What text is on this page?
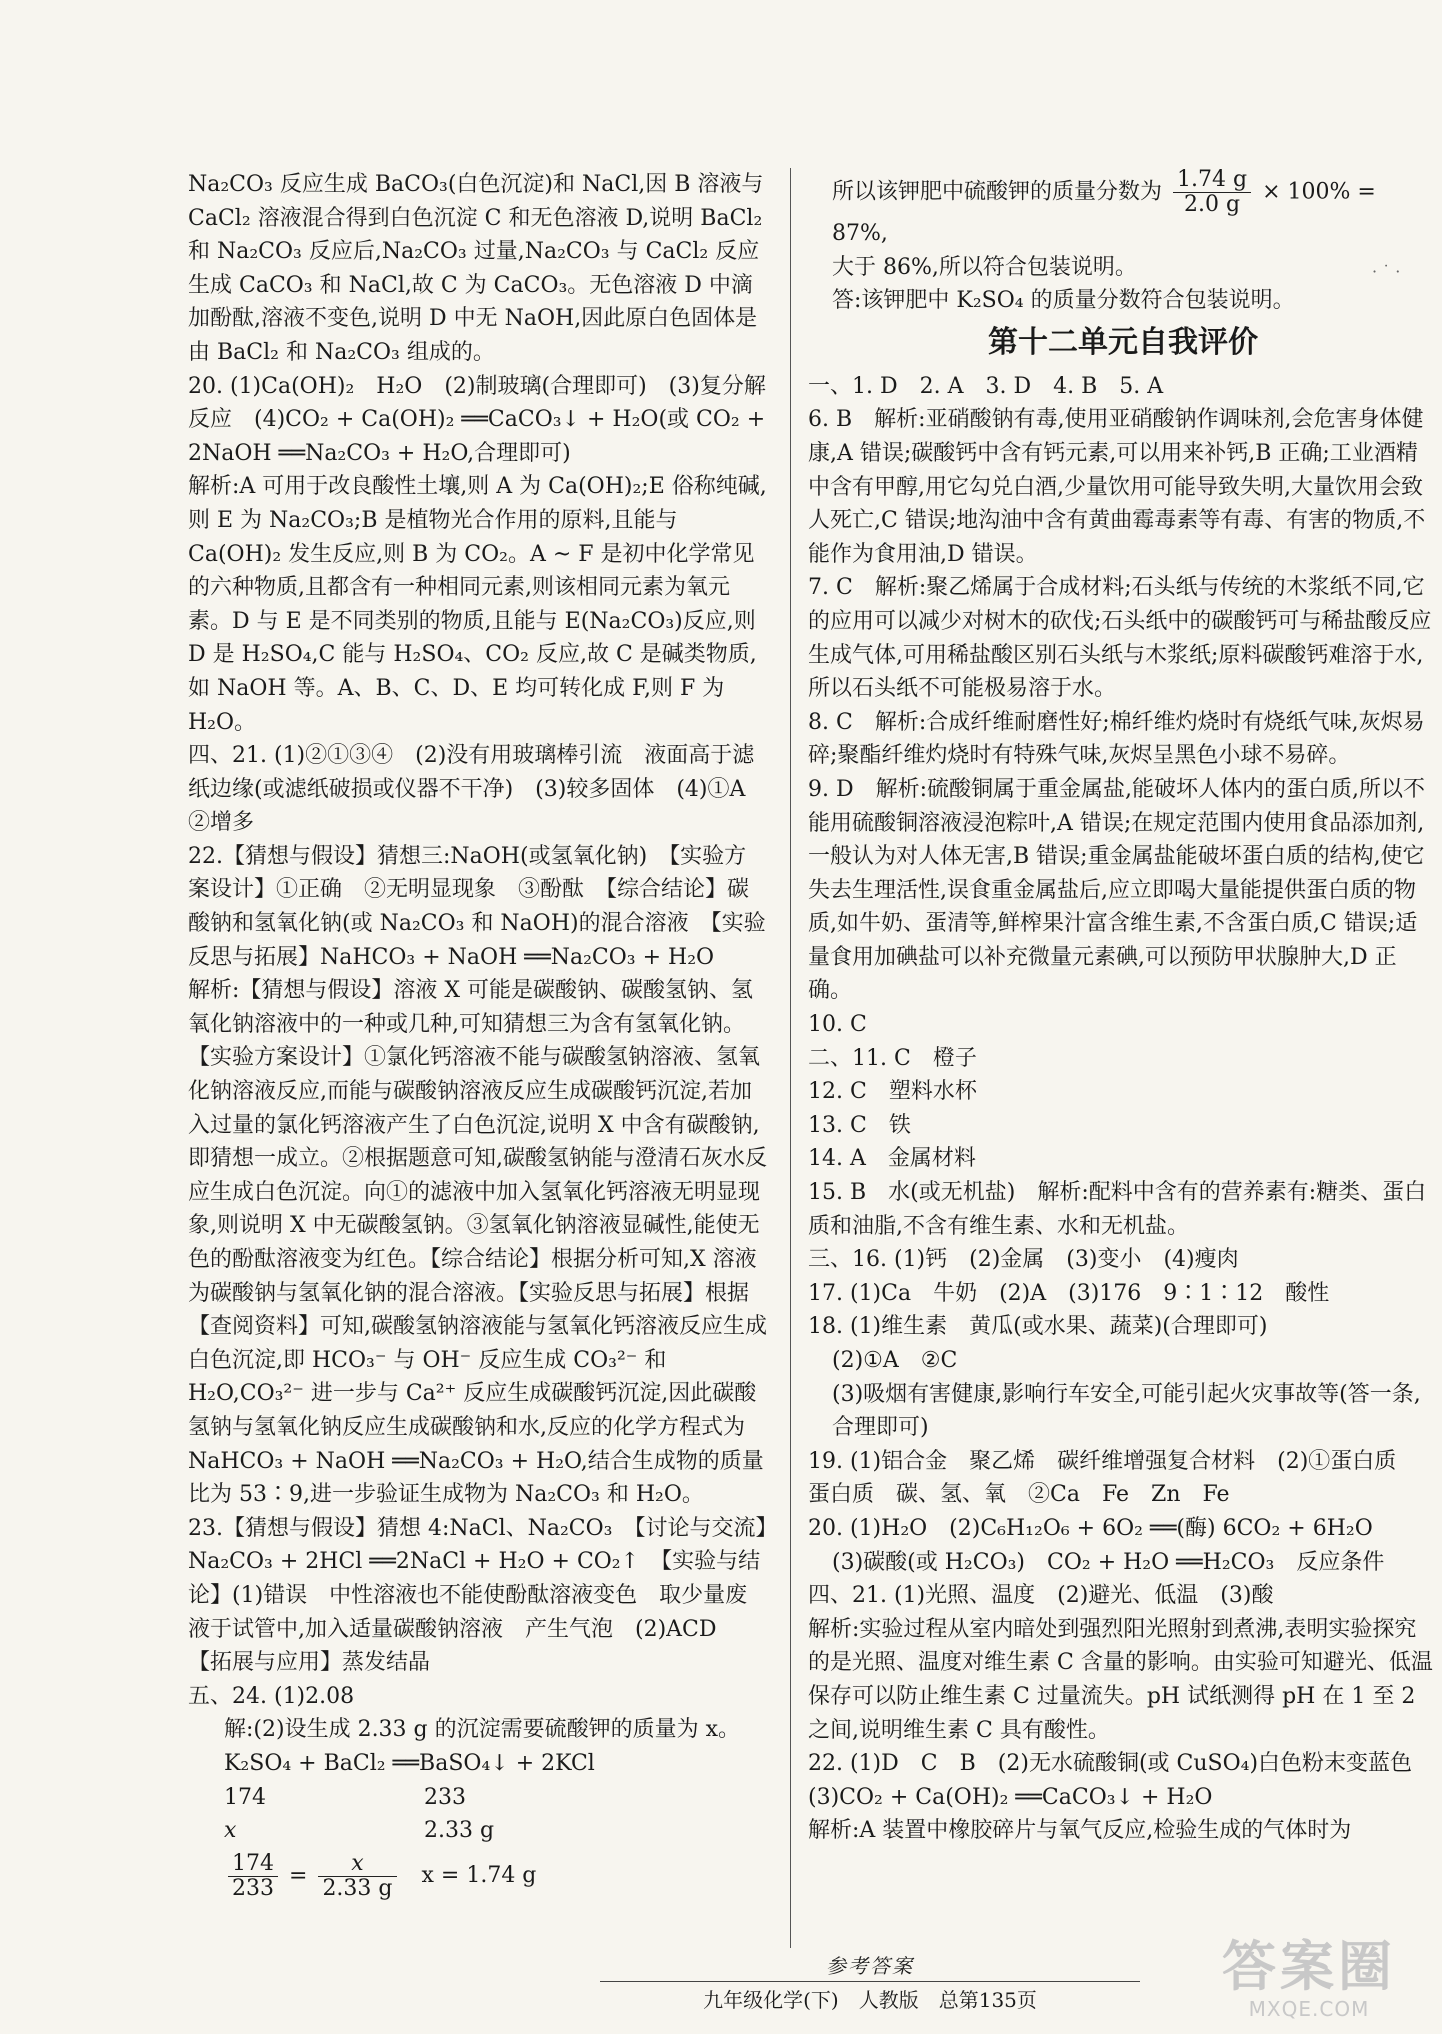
Na₂CO₃ 反应生成 BaCO₃(白色沉淀)和 NaCl,因 B 溶液与 CaCl₂ 溶液混合得到白色沉淀 C 和无色溶液 D,说明 BaCl₂ 和 Na₂CO₃ 反应后,Na₂CO₃ 过量,Na₂CO₃ 与 CaCl₂ 反应生成 CaCO₃ 和 NaCl,故 C 为 CaCO₃。无色溶液 D 中滴加酚酞,溶液不变色,说明 D 中无 NaOH,因此原白色固体是由 BaCl₂ 和 Na₂CO₃ 组成的。

20. (1)Ca(OH)₂　H₂O　(2)制玻璃(合理即可)　(3)复分解反应　(4)CO₂ + Ca(OH)₂ ══CaCO₃↓ + H₂O(或 CO₂ + 2NaOH ══Na₂CO₃ + H₂O,合理即可)

解析:A 可用于改良酸性土壤,则 A 为 Ca(OH)₂;E 俗称纯碱,则 E 为 Na₂CO₃;B 是植物光合作用的原料,且能与 Ca(OH)₂ 发生反应,则 B 为 CO₂。A ~ F 是初中化学常见的六种物质,且都含有一种相同元素,则该相同元素为氧元素。D 与 E 是不同类别的物质,且能与 E(Na₂CO₃)反应,则 D 是 H₂SO₄,C 能与 H₂SO₄、CO₂ 反应,故 C 是碱类物质,如 NaOH 等。A、B、C、D、E 均可转化成 F,则 F 为 H₂O。

四、21. (1)②①③④　(2)没有用玻璃棒引流　液面高于滤纸边缘(或滤纸破损或仪器不干净)　(3)较多固体　(4)①A　②增多

22.【猜想与假设】猜想三:NaOH(或氢氧化钠)　【实验方案设计】①正确　②无明显现象　③酚酞　【综合结论】碳酸钠和氢氧化钠(或 Na₂CO₃ 和 NaOH)的混合溶液　【实验反思与拓展】NaHCO₃ + NaOH ══Na₂CO₃ + H₂O

解析:【猜想与假设】溶液 X 可能是碳酸钠、碳酸氢钠、氢氧化钠溶液中的一种或几种,可知猜想三为含有氢氧化钠。【实验方案设计】①氯化钙溶液不能与碳酸氢钠溶液、氢氧化钠溶液反应,而能与碳酸钠溶液反应生成碳酸钙沉淀,若加入过量的氯化钙溶液产生了白色沉淀,说明 X 中含有碳酸钠,即猜想一成立。②根据题意可知,碳酸氢钠能与澄清石灰水反应生成白色沉淀。向①的滤液中加入氢氧化钙溶液无明显现象,则说明 X 中无碳酸氢钠。③氢氧化钠溶液显碱性,能使无色的酚酞溶液变为红色。【综合结论】根据分析可知,X 溶液为碳酸钠与氢氧化钠的混合溶液。【实验反思与拓展】根据【查阅资料】可知,碳酸氢钠溶液能与氢氧化钙溶液反应生成白色沉淀,即 HCO₃⁻ 与 OH⁻ 反应生成 CO₃²⁻ 和 H₂O,CO₃²⁻ 进一步与 Ca²⁺ 反应生成碳酸钙沉淀,因此碳酸氢钠与氢氧化钠反应生成碳酸钠和水,反应的化学方程式为 NaHCO₃ + NaOH ══Na₂CO₃ + H₂O,结合生成物的质量比为 53∶9,进一步验证生成物为 Na₂CO₃ 和 H₂O。

23.【猜想与假设】猜想 4:NaCl、Na₂CO₃　【讨论与交流】Na₂CO₃ + 2HCl ══2NaCl + H₂O + CO₂↑　【实验与结论】(1)错误　中性溶液也不能使酚酞溶液变色　取少量废液于试管中,加入适量碳酸钠溶液　产生气泡　(2)ACD　【拓展与应用】蒸发结晶

五、24. (1)2.08

解:(2)设生成 2.33 g 的沉淀需要硫酸钾的质量为 x。
K₂SO₄ + BaCl₂ ══BaSO₄↓ + 2KCl
174	233
x	2.33 g
$\frac{174}{233} = \frac{x}{2.33 g}$ x = 1.74 g
所以该钾肥中硫酸钾的质量分数为 $\frac{1.74 g}{2.0 g} \times 100\% = 87\%$,
大于 86%,所以符合包装说明。
答:该钾肥中 K₂SO₄ 的质量分数符合包装说明。
第十二单元自我评价

一、1. D　2. A　3. D　4. B　5. A

6. B　解析:亚硝酸钠有毒,使用亚硝酸钠作调味剂,会危害身体健康,A 错误;碳酸钙中含有钙元素,可以用来补钙,B 正确;工业酒精中含有甲醇,用它勾兑白酒,少量饮用可能导致失明,大量饮用会致人死亡,C 错误;地沟油中含有黄曲霉毒素等有毒、有害的物质,不能作为食用油,D 错误。

7. C　解析:聚乙烯属于合成材料;石头纸与传统的木浆纸不同,它的应用可以减少对树木的砍伐;石头纸中的碳酸钙可与稀盐酸反应生成气体,可用稀盐酸区别石头纸与木浆纸;原料碳酸钙难溶于水,所以石头纸不可能极易溶于水。

8. C　解析:合成纤维耐磨性好;棉纤维灼烧时有烧纸气味,灰烬易碎;聚酯纤维灼烧时有特殊气味,灰烬呈黑色小球不易碎。

9. D　解析:硫酸铜属于重金属盐,能破坏人体内的蛋白质,所以不能用硫酸铜溶液浸泡粽叶,A 错误;在规定范围内使用食品添加剂,一般认为对人体无害,B 错误;重金属盐能破坏蛋白质的结构,使它失去生理活性,误食重金属盐后,应立即喝大量能提供蛋白质的物质,如牛奶、蛋清等,鲜榨果汁富含维生素,不含蛋白质,C 错误;适量食用加碘盐可以补充微量元素碘,可以预防甲状腺肿大,D 正确。

10. C

二、11. C　橙子

12. C　塑料水杯

13. C　铁

14. A　金属材料

15. B　水(或无机盐)　解析:配料中含有的营养素有:糖类、蛋白质和油脂,不含有维生素、水和无机盐。

三、16. (1)钙　(2)金属　(3)变小　(4)瘦肉

17. (1)Ca　牛奶　(2)A　(3)176　9∶1∶12　酸性

18. (1)维生素　黄瓜(或水果、蔬菜)(合理即可)

(2)①A　②C

(3)吸烟有害健康,影响行车安全,可能引起火灾事故等(答一条,合理即可)

19. (1)铝合金　聚乙烯　碳纤维增强复合材料　(2)①蛋白质　蛋白质　碳、氢、氧　②Ca　Fe　Zn　Fe

20. (1)H₂O　(2)C₆H₁₂O₆ + 6O₂ ══(酶) 6CO₂ + 6H₂O

(3)碳酸(或 H₂CO₃)　CO₂ + H₂O ══H₂CO₃　反应条件

四、21. (1)光照、温度　(2)避光、低温　(3)酸

解析:实验过程从室内暗处到强烈阳光照射到煮沸,表明实验探究的是光照、温度对维生素 C 含量的影响。由实验可知避光、低温保存可以防止维生素 C 过量流失。pH 试纸测得 pH 在 1 至 2 之间,说明维生素 C 具有酸性。

22. (1)D　C　B　(2)无水硫酸铜(或 CuSO₄)白色粉末变蓝色　(3)CO₂ + Ca(OH)₂ ══CaCO₃↓ + H₂O

解析:A 装置中橡胶碎片与氧气反应,检验生成的气体时为

参考答案
九年级化学(下)　人教版　总第135页
答案圈
MXQE.COM
· ˙ ·
